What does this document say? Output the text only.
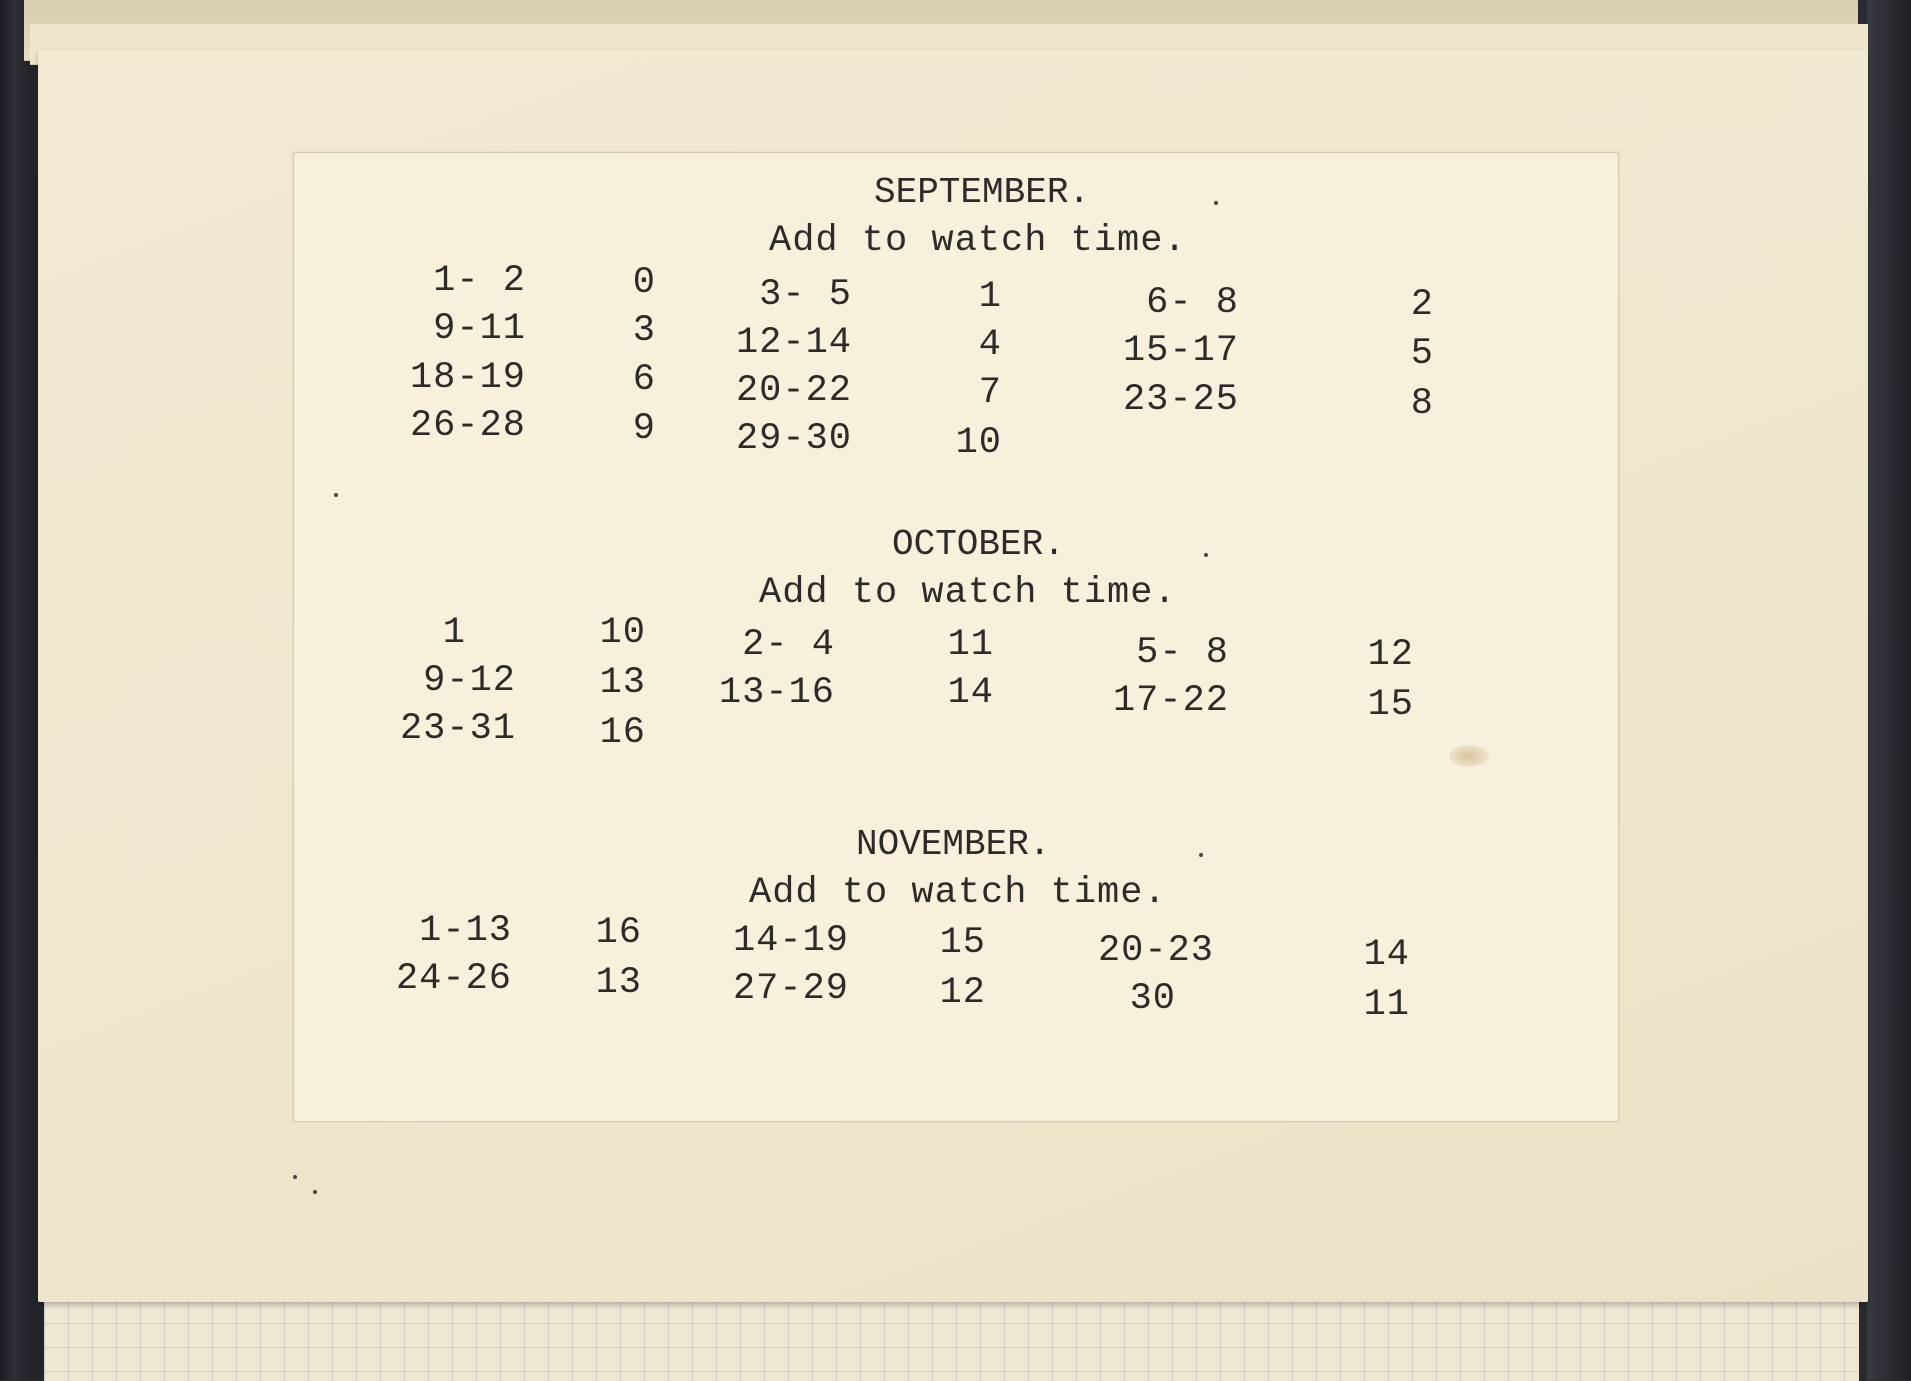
SEPTEMBER.
Add to watch time.
1- 2	0
9-11	3
18-19	6
26-28	9
3- 5	1
12-14	4
20-22	7
29-30	10
6- 8	2
15-17	5
23-25	8
OCTOBER.
Add to watch time.
1	10
9-12	13
23-31	16
2- 4	11
13-16	14
5- 8	12
17-22	15
NOVEMBER.
Add to watch time.
1-13	16
24-26	13
14-19	15
27-29	12
20-23	14
30	11
